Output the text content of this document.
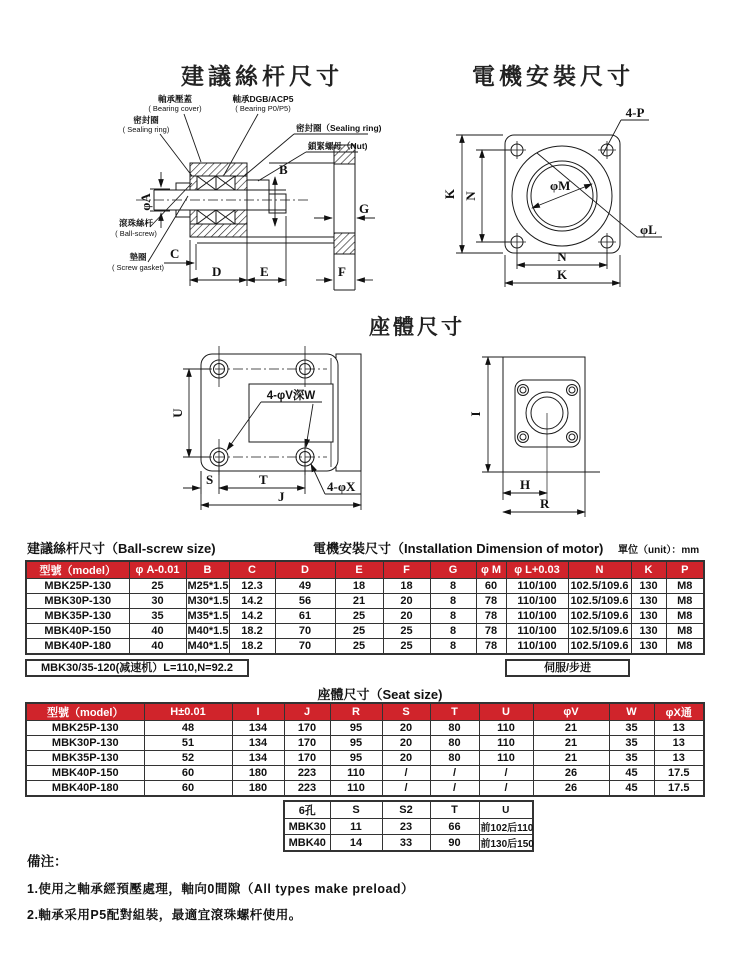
建議絲杆尺寸	電機安裝尺寸
座體尺寸
軸承壓蓋
( Bearing cover)
軸承DGB/ACP5
( Bearing P0/P5)
密封圈
( Sealing ring)	密封圈（Sealing ring)
鎖緊螺母（Nut)
滾珠絲杆
( Ball-screw)
墊圈
( Screw gasket)
φA
B
C
D	E	F
G
K N
φM
φL
4-P
N
K
U
S	T
J
4-φV深W
4-φX
I
H
R
建議絲杆尺寸（Ball-screw size)	電機安裝尺寸（Installation Dimension of motor) 單位（unit）：mm
型號（model）	φ A-0.01	B	C	D	E	F	G	φ M	φ L+0.03	N	K	P
MBK25P-130	25	M25*1.5	12.3	49	18	18	8	60	110/100	102.5/109.6	130	M8
MBK30P-130	30	M30*1.5	14.2	56	21	20	8	78	110/100	102.5/109.6	130	M8
MBK35P-130	35	M35*1.5	14.2	61	25	20	8	78	110/100	102.5/109.6	130	M8
MBK40P-150	40	M40*1.5	18.2	70	25	25	8	78	110/100	102.5/109.6	130	M8
MBK40P-180	40	M40*1.5	18.2	70	25	25	8	78	110/100	102.5/109.6	130	M8
MBK30/35-120(减速机）L=110,N=92.2	伺服/步进
座體尺寸（Seat size)
型號（model）	H±0.01	I	J	R	S	T	U	φV	W	φX通
MBK25P-130	48	134	170	95	20	80	110	21	35	13
MBK30P-130	51	134	170	95	20	80	110	21	35	13
MBK35P-130	52	134	170	95	20	80	110	21	35	13
MBK40P-150	60	180	223	110	/	/	/	26	45	17.5
MBK40P-180	60	180	223	110	/	/	/	26	45	17.5
6孔	S	S2	T	U
MBK30	11	23	66	前102后110
MBK40	14	33	90	前130后150
備注：
1.使用之軸承經預壓處理，軸向0間隙（All types make preload）
2.軸承采用P5配對組裝，最適宜滾珠螺杆使用。
